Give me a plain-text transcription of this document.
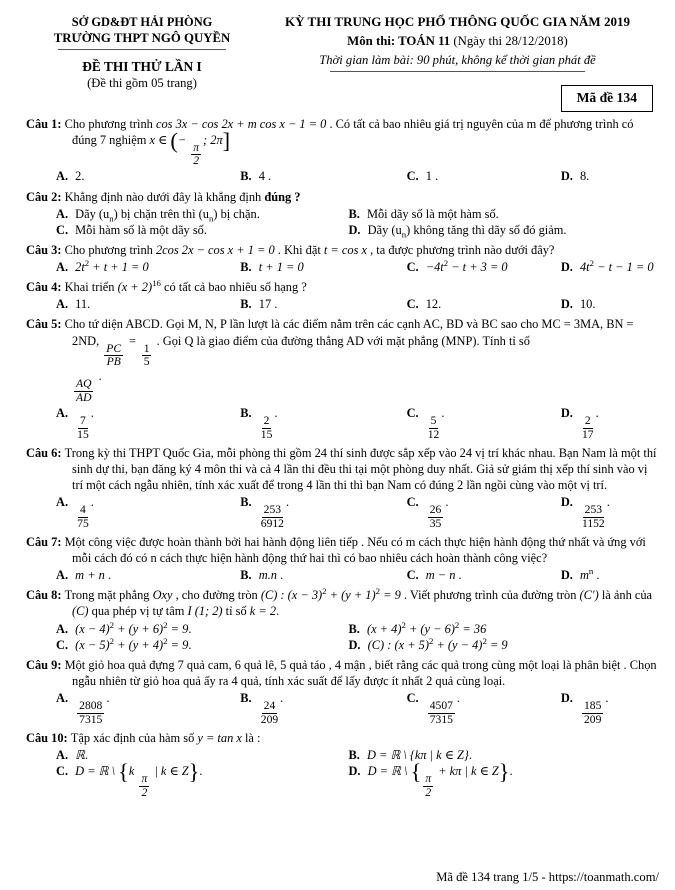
SỞ GD&ĐT HẢI PHÒNG
TRƯỜNG THPT NGÔ QUYỀN
ĐỀ THI THỬ LẦN I
(Đề thi gồm 05 trang)
KỲ THI TRUNG HỌC PHỔ THÔNG QUỐC GIA NĂM 2019
Môn thi: TOÁN 11 (Ngày thi 28/12/2018)
Thời gian làm bài: 90 phút, không kể thời gian phát đề
Mã đề 134
Câu 1: Cho phương trình cos 3x − cos 2x + m cos x − 1 = 0 . Có tất cả bao nhiêu giá trị nguyên của m để phương trình có đúng 7 nghiệm x ∈ (−
$\frac{\pi}{2}$
; 2π]
A. 2.	B. 4 .	C. 1 .	D. 8.
Câu 2: Khẳng định nào dưới đây là khẳng định đúng ?
A. Dãy $(u_n)$ bị chặn trên thì $(u_n)$ bị chặn.	B. Mỗi dãy số là một hàm số.
C. Mỗi hàm số là một dãy số.	D. Dãy $(u_n)$ không tăng thì dãy số đó giảm.
Câu 3: Cho phương trình 2cos 2x − cos x + 1 = 0 . Khi đặt t = cos x , ta được phương trình nào dưới đây?
A. $2t^2 + t + 1 = 0$	B. t + 1 = 0	C. $-4t^2 - t + 3 = 0$	D. $4t^2 - t - 1 = 0$
Câu 4: Khai triển $(x + 2)^{16}$ có tất cả bao nhiêu số hạng ?
A. 11.	B. 17 .	C. 12.	D. 10.
Câu 5: Cho tứ diện ABCD. Gọi M, N, P lần lượt là các điểm nằm trên các cạnh AC, BD và BC sao cho MC = 3MA, BN = 2ND,
$\frac{PC}{PB}$
=
$\frac{1}{5}$
. Gọi Q là giao điểm của đường thẳng AD với mặt phẳng (MNP). Tính tỉ số

$\frac{AQ}{AD}$
.
A.
$\frac{7}{15}$
.	B.
$\frac{2}{15}$
.	C.
$\frac{5}{12}$
.	D.
$\frac{2}{17}$
.
Câu 6: Trong kỳ thi THPT Quốc Gia, mỗi phòng thi gồm 24 thí sinh được sắp xếp vào 24 vị trí khác nhau. Bạn Nam là một thí sinh dự thi, bạn đăng ký 4 môn thi và cả 4 lần thi đều thi tại một phòng duy nhất. Giả sử giám thị xếp thí sinh vào vị trí một cách ngẫu nhiên, tính xác xuất để trong 4 lần thi thì bạn Nam có đúng 2 lần ngồi cùng vào một vị trí.
A.
$\frac{4}{75}$
.	B.
$\frac{253}{6912}$
.	C.
$\frac{26}{35}$
.	D.
$\frac{253}{1152}$
.
Câu 7: Một công việc được hoàn thành bởi hai hành động liên tiếp . Nếu có m cách thực hiện hành động thứ nhất và ứng với mỗi cách đó có n cách thực hiện hành động thứ hai thì có bao nhiêu cách hoàn thành công việc?
A. m + n .	B. m.n .	C. m − n .	D. $m^n$ .
Câu 8: Trong mặt phẳng Oxy , cho đường tròn (C) : $(x - 3)^2 + (y + 1)^2 = 9$ . Viết phương trình của đường tròn (C′) là ảnh của (C) qua phép vị tự tâm I (1; 2) tỉ số k = 2.
A. $(x - 4)^2 + (y + 6)^2 = 9$.	B. $(x + 4)^2 + (y - 6)^2 = 36$
C. $(x - 5)^2 + (y + 4)^2 = 9$.	D. (C) : $(x + 5)^2 + (y - 4)^2 = 9$
Câu 9: Một giỏ hoa quả đựng 7 quả cam, 6 quả lê, 5 quả táo , 4 mận , biết rằng các quả trong cùng một loại là phân biệt . Chọn ngẫu nhiên từ giỏ hoa quả ấy ra 4 quả, tính xác suất để lấy được ít nhất 2 quả cùng loại.
A.
$\frac{2808}{7315}$
.	B.
$\frac{24}{209}$
.	C.
$\frac{4507}{7315}$
.	D.
$\frac{185}{209}$
.
Câu 10: Tập xác định của hàm số y = tan x là :
A. ℝ.	B. D = ℝ \ {kπ | k ∈ Z}.
C. D = ℝ \ {k
$\frac{\pi}{2}$
| k ∈ Z}.	D. D = ℝ \ {
$\frac{\pi}{2}$
+ kπ | k ∈ Z}.
Mã đề 134 trang 1/5 - https://toanmath.com/
